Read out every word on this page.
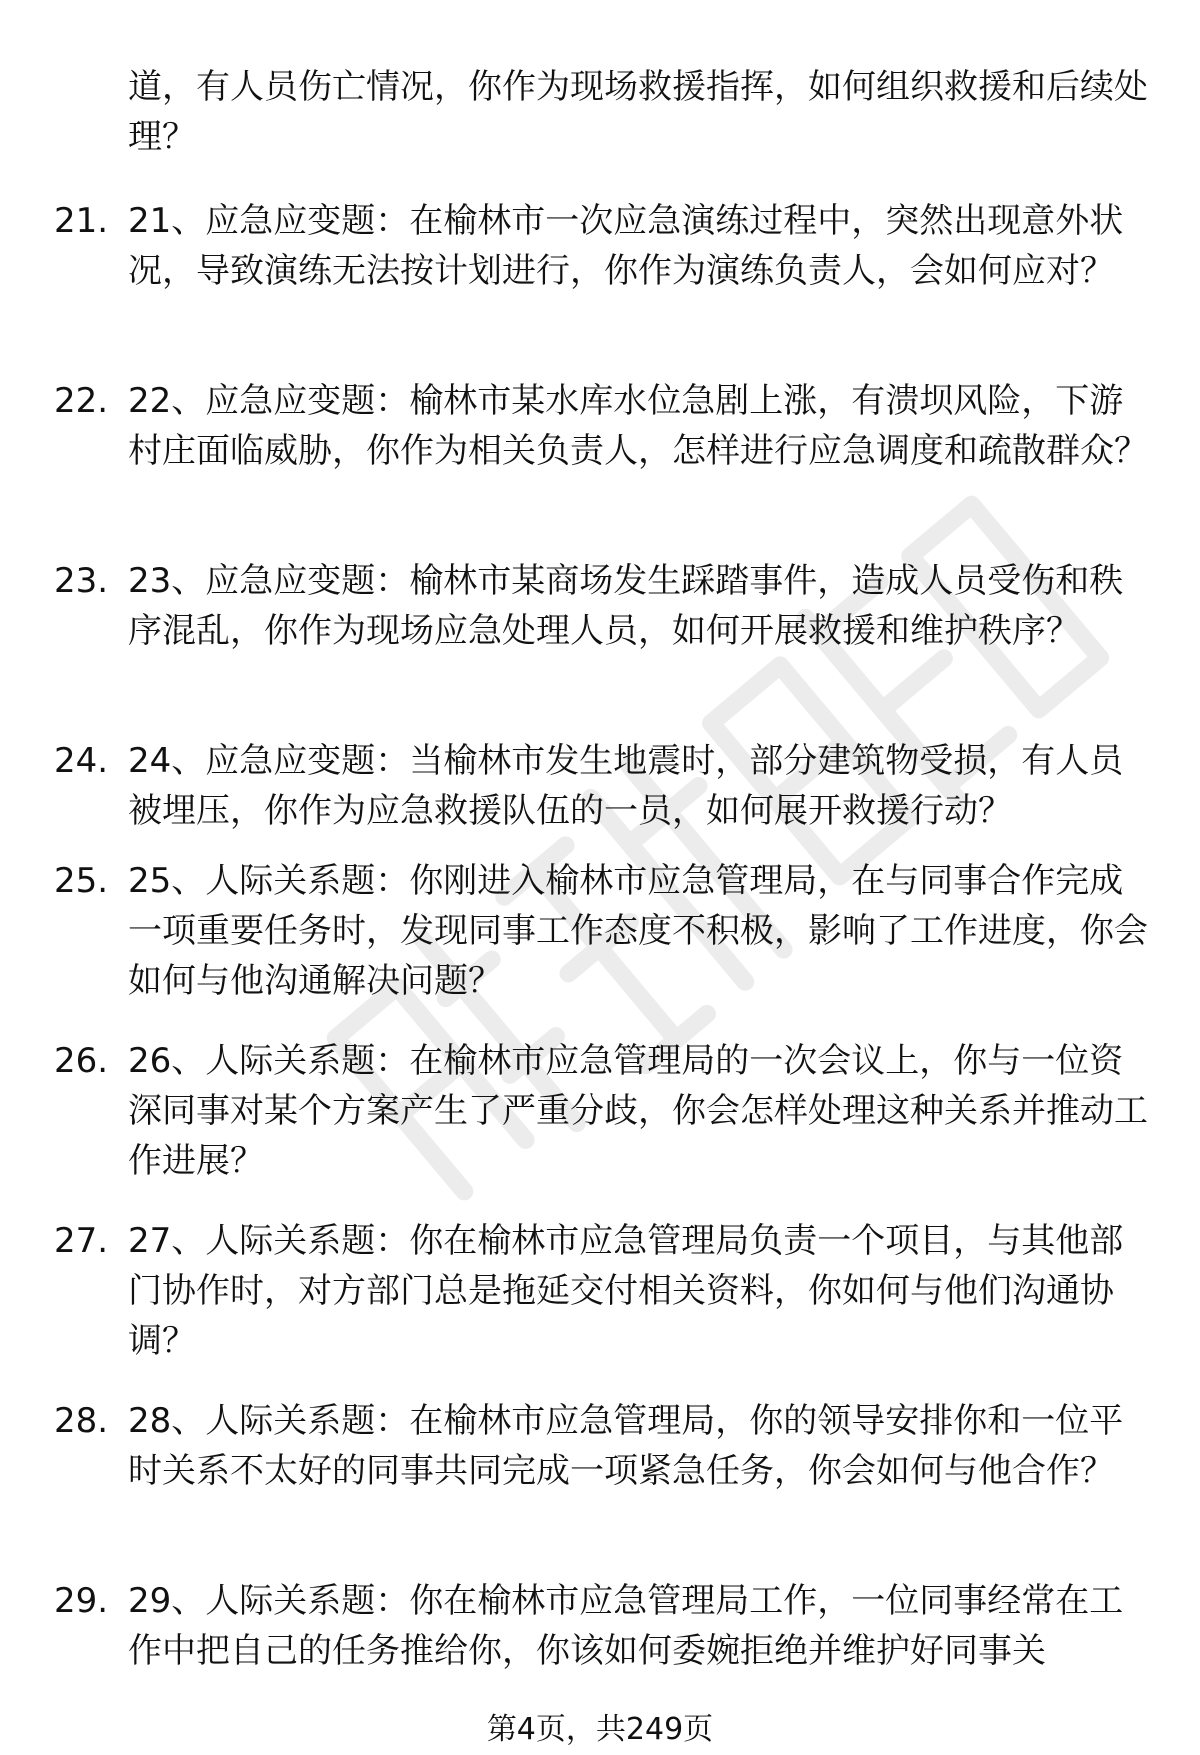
道，有人员伤亡情况，你作为现场救援指挥，如何组织救援和后续处理？

21. 21、应急应变题：在榆林市一次应急演练过程中，突然出现意外状况，导致演练无法按计划进行，你作为演练负责人，会如何应对？
22. 22、应急应变题：榆林市某水库水位急剧上涨，有溃坝风险，下游村庄面临威胁，你作为相关负责人，怎样进行应急调度和疏散群众？
23. 23、应急应变题：榆林市某商场发生踩踏事件，造成人员受伤和秩序混乱，你作为现场应急处理人员，如何开展救援和维护秩序？
24. 24、应急应变题：当榆林市发生地震时，部分建筑物受损，有人员被埋压，你作为应急救援队伍的一员，如何展开救援行动？
25. 25、人际关系题：你刚进入榆林市应急管理局，在与同事合作完成一项重要任务时，发现同事工作态度不积极，影响了工作进度，你会如何与他沟通解决问题？
26. 26、人际关系题：在榆林市应急管理局的一次会议上，你与一位资深同事对某个方案产生了严重分歧，你会怎样处理这种关系并推动工作进展？
27. 27、人际关系题：你在榆林市应急管理局负责一个项目，与其他部门协作时，对方部门总是拖延交付相关资料，你如何与他们沟通协调？
28. 28、人际关系题：在榆林市应急管理局，你的领导安排你和一位平时关系不太好的同事共同完成一项紧急任务，你会如何与他合作？
29. 29、人际关系题：你在榆林市应急管理局工作，一位同事经常在工作中把自己的任务推给你，你该如何委婉拒绝并维护好同事关
第4页，共249页
